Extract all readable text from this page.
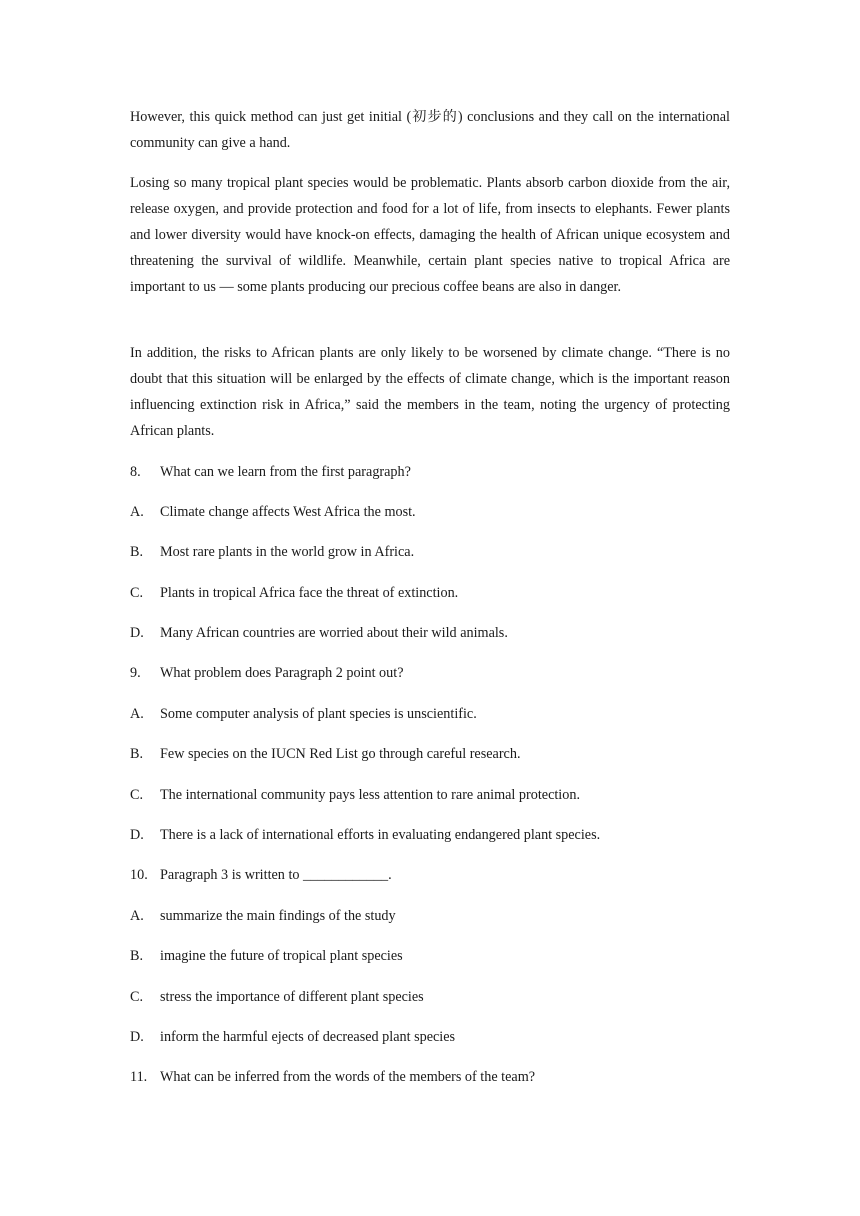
However, this quick method can just get initial (初步的) conclusions and they call on the international community can give a hand.

Losing so many tropical plant species would be problematic. Plants absorb carbon dioxide from the air, release oxygen, and provide protection and food for a lot of life, from insects to elephants. Fewer plants and lower diversity would have knock-on effects, damaging the health of African unique ecosystem and threatening the survival of wildlife. Meanwhile, certain plant species native to tropical Africa are important to us — some plants producing our precious coffee beans are also in danger.

In addition, the risks to African plants are only likely to be worsened by climate change. “There is no doubt that this situation will be enlarged by the effects of climate change, which is the important reason influencing extinction risk in Africa,” said the members in the team, noting the urgency of protecting African plants.

8. What can we learn from the first paragraph?
A. Climate change affects West Africa the most.
B. Most rare plants in the world grow in Africa.
C. Plants in tropical Africa face the threat of extinction.
D. Many African countries are worried about their wild animals.
9. What problem does Paragraph 2 point out?
A. Some computer analysis of plant species is unscientific.
B. Few species on the IUCN Red List go through careful research.
C. The international community pays less attention to rare animal protection.
D. There is a lack of international efforts in evaluating endangered plant species.
10. Paragraph 3 is written to ____________.
A. summarize the main findings of the study
B. imagine the future of tropical plant species
C. stress the importance of different plant species
D. inform the harmful ejects of decreased plant species
11. What can be inferred from the words of the members of the team?
